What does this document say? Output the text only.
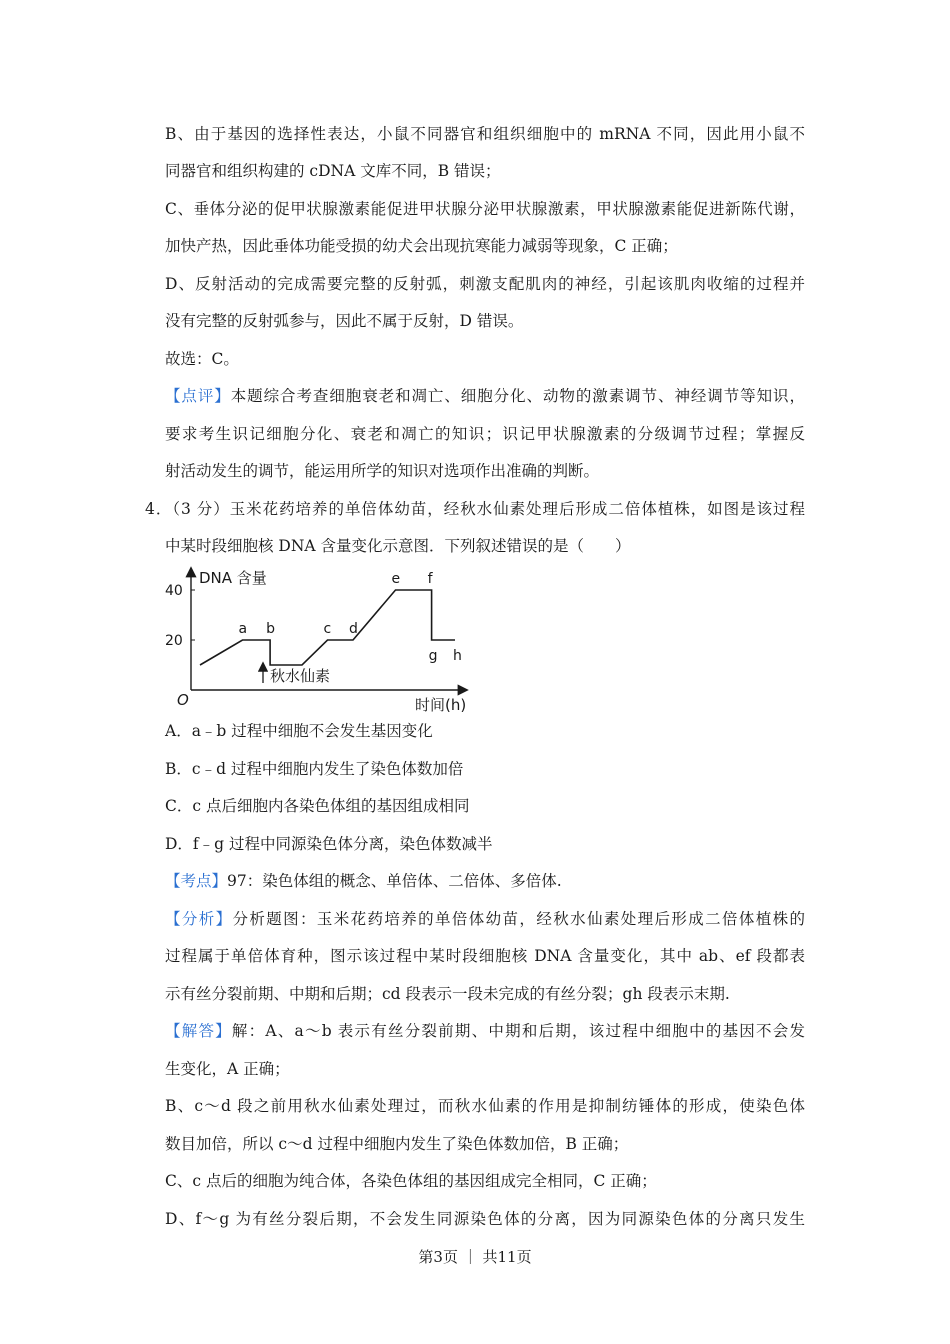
B、由于基因的选择性表达，小鼠不同器官和组织细胞中的 mRNA 不同，因此用小鼠不
同器官和组织构建的 cDNA 文库不同，B 错误；
C、垂体分泌的促甲状腺激素能促进甲状腺分泌甲状腺激素，甲状腺激素能促进新陈代谢，
加快产热，因此垂体功能受损的幼犬会出现抗寒能力减弱等现象，C 正确；
D、反射活动的完成需要完整的反射弧，刺激支配肌肉的神经，引起该肌肉收缩的过程并
没有完整的反射弧参与，因此不属于反射，D 错误。
故选：C。
【点评】本题综合考查细胞衰老和凋亡、细胞分化、动物的激素调节、神经调节等知识，
要求考生识记细胞分化、衰老和凋亡的知识；识记甲状腺激素的分级调节过程；掌握反
射活动发生的调节，能运用所学的知识对选项作出准确的判断。
4．（3 分）玉米花药培养的单倍体幼苗，经秋水仙素处理后形成二倍体植株，如图是该过程
中某时段细胞核 DNA 含量变化示意图．下列叙述错误的是（　　）
DNA 含量
时间(h)
O
20
40
a b	c d
e f
g h
秋水仙素
A．a﹣b 过程中细胞不会发生基因变化
B．c﹣d 过程中细胞内发生了染色体数加倍
C．c 点后细胞内各染色体组的基因组成相同
D．f﹣g 过程中同源染色体分离，染色体数减半
【考点】97：染色体组的概念、单倍体、二倍体、多倍体.
【分析】分析题图：玉米花药培养的单倍体幼苗，经秋水仙素处理后形成二倍体植株的
过程属于单倍体育种，图示该过程中某时段细胞核 DNA 含量变化，其中 ab、ef 段都表
示有丝分裂前期、中期和后期；cd 段表示一段未完成的有丝分裂；gh 段表示末期.
【解答】解：A、a～b 表示有丝分裂前期、中期和后期，该过程中细胞中的基因不会发
生变化，A 正确；
B、c～d 段之前用秋水仙素处理过，而秋水仙素的作用是抑制纺锤体的形成，使染色体
数目加倍，所以 c～d 过程中细胞内发生了染色体数加倍，B 正确；
C、c 点后的细胞为纯合体，各染色体组的基因组成完全相同，C 正确；
D、f～g 为有丝分裂后期，不会发生同源染色体的分离，因为同源染色体的分离只发生
第3页 ｜ 共11页
